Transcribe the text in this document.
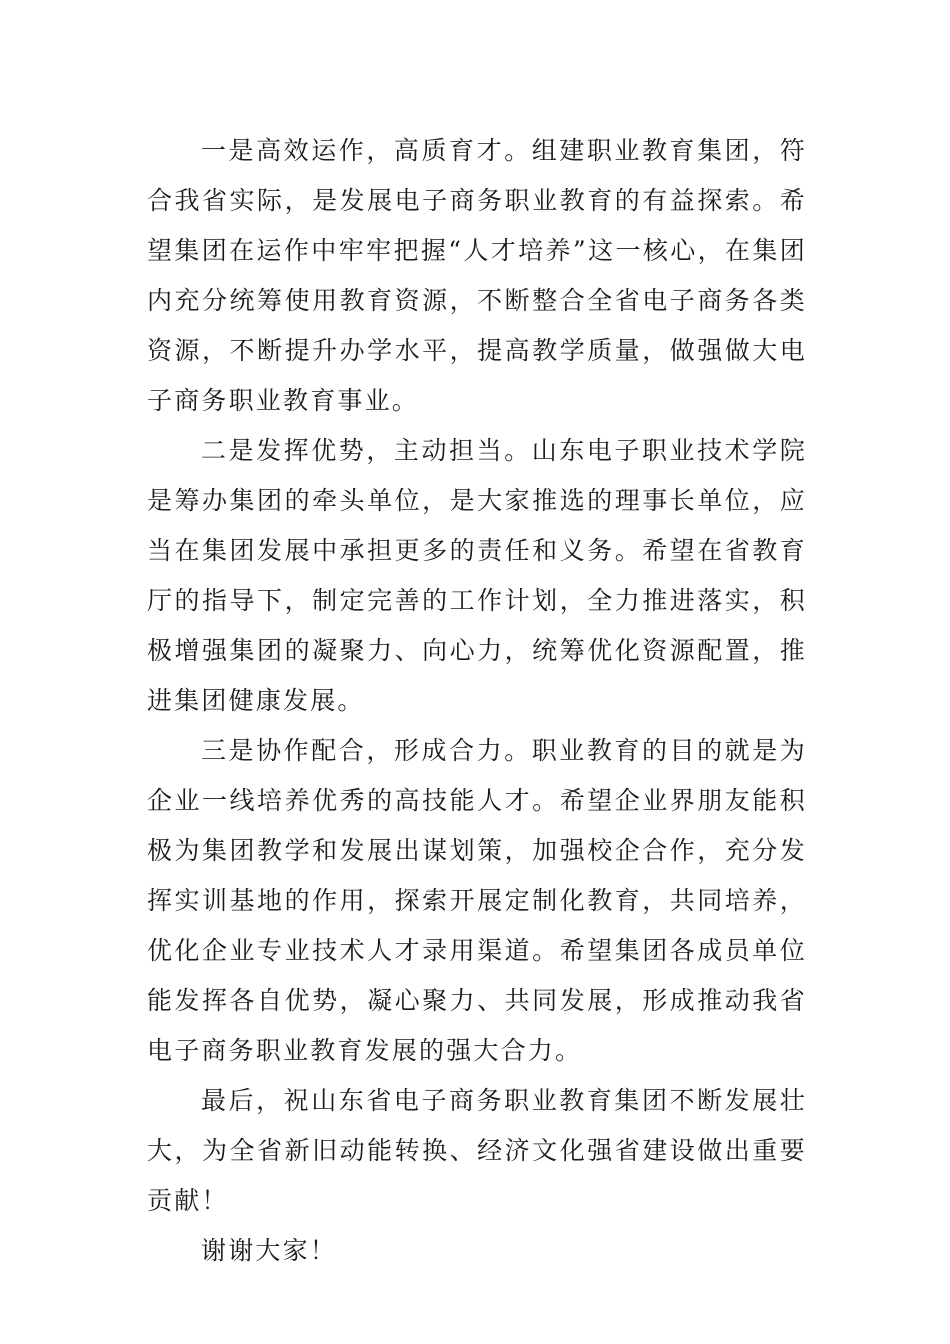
一是高效运作，高质育才。组建职业教育集团，符合我省实际，是发展电子商务职业教育的有益探索。希望集团在运作中牢牢把握“人才培养”这一核心，在集团内充分统筹使用教育资源，不断整合全省电子商务各类资源，不断提升办学水平，提高教学质量，做强做大电子商务职业教育事业。

二是发挥优势，主动担当。山东电子职业技术学院是筹办集团的牵头单位，是大家推选的理事长单位，应当在集团发展中承担更多的责任和义务。希望在省教育厅的指导下，制定完善的工作计划，全力推进落实，积极增强集团的凝聚力、向心力，统筹优化资源配置，推进集团健康发展。

三是协作配合，形成合力。职业教育的目的就是为企业一线培养优秀的高技能人才。希望企业界朋友能积极为集团教学和发展出谋划策，加强校企合作，充分发挥实训基地的作用，探索开展定制化教育，共同培养，优化企业专业技术人才录用渠道。希望集团各成员单位能发挥各自优势，凝心聚力、共同发展，形成推动我省电子商务职业教育发展的强大合力。

最后，祝山东省电子商务职业教育集团不断发展壮大，为全省新旧动能转换、经济文化强省建设做出重要贡献！

谢谢大家！
